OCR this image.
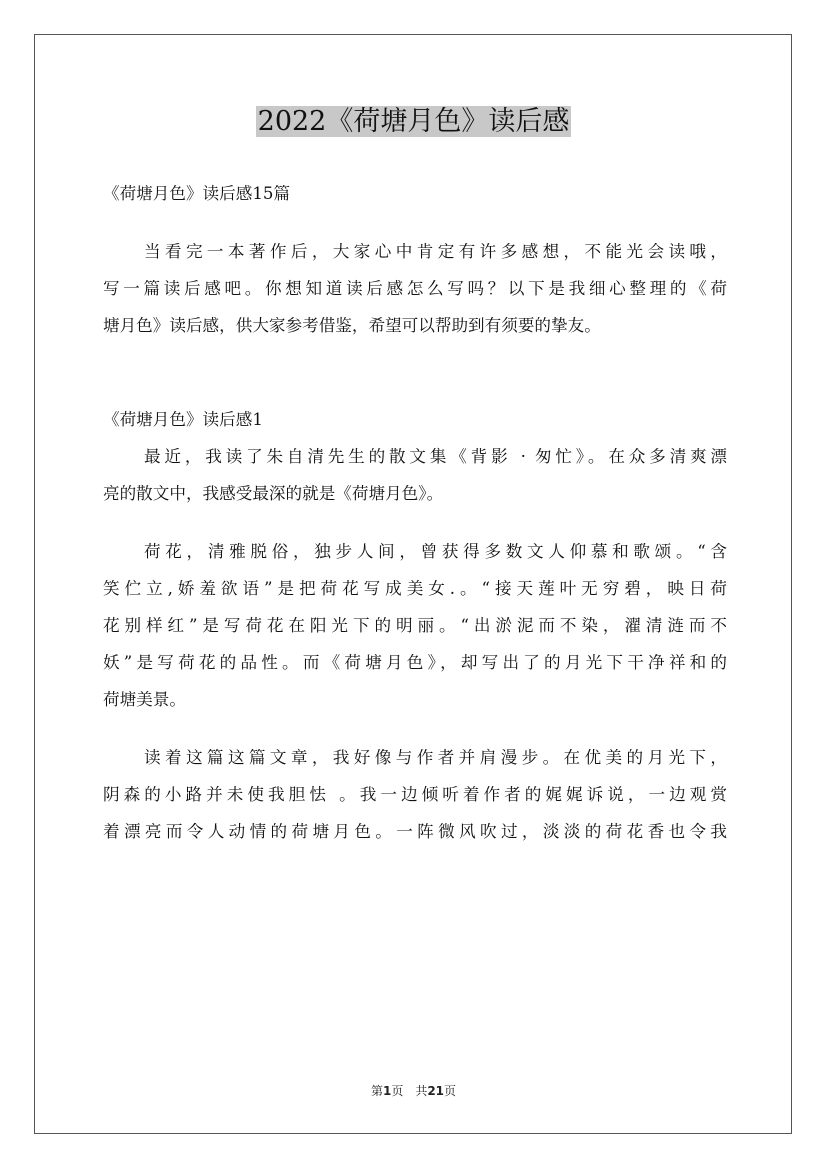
2022《荷塘月色》读后感
《荷塘月色》读后感15篇
当看完一本著作后，大家心中肯定有许多感想，不能光会读哦，
写一篇读后感吧。你想知道读后感怎么写吗？以下是我细心整理的《荷
塘月色》读后感，供大家参考借鉴，希望可以帮助到有须要的挚友。
《荷塘月色》读后感1
最近，我读了朱自清先生的散文集《背影 · 匆忙》。在众多清爽漂
亮的散文中，我感受最深的就是《荷塘月色》。
荷花，清雅脱俗，独步人间，曾获得多数文人仰慕和歌颂。“含
笑伫立,娇羞欲语”是把荷花写成美女.。“接天莲叶无穷碧，映日荷
花别样红”是写荷花在阳光下的明丽。“出淤泥而不染，濯清涟而不
妖”是写荷花的品性。而《荷塘月色》，却写出了的月光下干净祥和的
荷塘美景。
读着这篇这篇文章，我好像与作者并肩漫步。在优美的月光下，
阴森的小路并未使我胆怯 。我一边倾听着作者的娓娓诉说，一边观赏
着漂亮而令人动情的荷塘月色。一阵微风吹过，淡淡的荷花香也令我
第1页　共21页
